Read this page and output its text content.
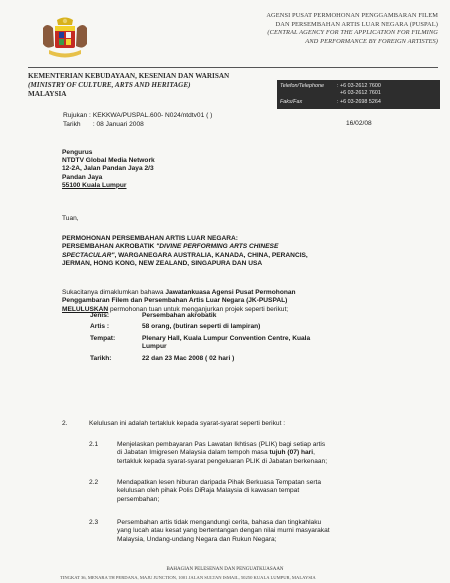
AGENSI PUSAT PERMOHONAN PENGGAMBARAN FILEM
DAN PERSEMBAHAN ARTIS LUAR NEGARA (PUSPAL)
(CENTRAL AGENCY FOR THE APPLICATION FOR FILMING
AND PERFORMANCE BY FOREIGN ARTISTES)
KEMENTERIAN KEBUDAYAAN, KESENIAN DAN WARISAN
(MINISTRY OF CULTURE, ARTS AND HERITAGE)
MALAYSIA
Telefon/Telephone : +6 03-2612 7600
+6 03-2612 7601
Faks/Fax	: +6 03-2698 5264
Rujukan : KEKKWA/PUSPAL.600- N024/ntdtv01 ( )
Tarikh : 08 Januari 2008	16/02/08
Pengurus
NTDTV Global Media Network
12-2A, Jalan Pandan Jaya 2/3
Pandan Jaya
55100 Kuala Lumpur
Tuan,
PERMOHONAN PERSEMBAHAN ARTIS LUAR NEGARA:
PERSEMBAHAN AKROBATIK "DIVINE PERFORMING ARTS CHINESE
SPECTACULAR", WARGANEGARA AUSTRALIA, KANADA, CHINA, PERANCIS,
JERMAN, HONG KONG, NEW ZEALAND, SINGAPURA DAN USA
Sukacitanya dimaklumkan bahawa Jawatankuasa Agensi Pusat Permohonan
Penggambaran Filem dan Persembahan Artis Luar Negara (JK-PUSPAL)
MELULUSKAN permohonan tuan untuk menganjurkan projek seperti berikut;
Jenis:	Persembahan akrobatik
Artis :	58 orang, (butiran seperti di lampiran)
Tempat:	Plenary Hall, Kuala Lumpur Convention Centre, Kuala
Lumpur
Tarikh:	22 dan 23 Mac 2008 ( 02 hari )
2.	Kelulusan ini adalah tertakluk kepada syarat-syarat seperti berikut :
2.1	Menjelaskan pembayaran Pas Lawatan Ikhtisas (PLIK) bagi setiap artis
di Jabatan Imigresen Malaysia dalam tempoh masa tujuh (07) hari,
tertakluk kepada syarat-syarat pengeluaran PLIK di Jabatan berkenaan;
2.2	Mendapatkan lesen hiburan daripada Pihak Berkuasa Tempatan serta
kelulusan oleh pihak Polis DiRaja Malaysia di kawasan tempat
persembahan;
2.3	Persembahan artis tidak mengandungi cerita, bahasa dan tingkahlaku
yang lucah atau kesat yang bertentangan dengan nilai murni masyarakat
Malaysia, Undang-undang Negara dan Rukun Negara;
BAHAGIAN PELESENAN DAN PENGUATKUASAAN
TINGKAT 36, MENARA TH PERDANA, MAJU JUNCTION, 1001 JALAN SULTAN ISMAIL, 50250 KUALA LUMPUR, MALAYSIA
